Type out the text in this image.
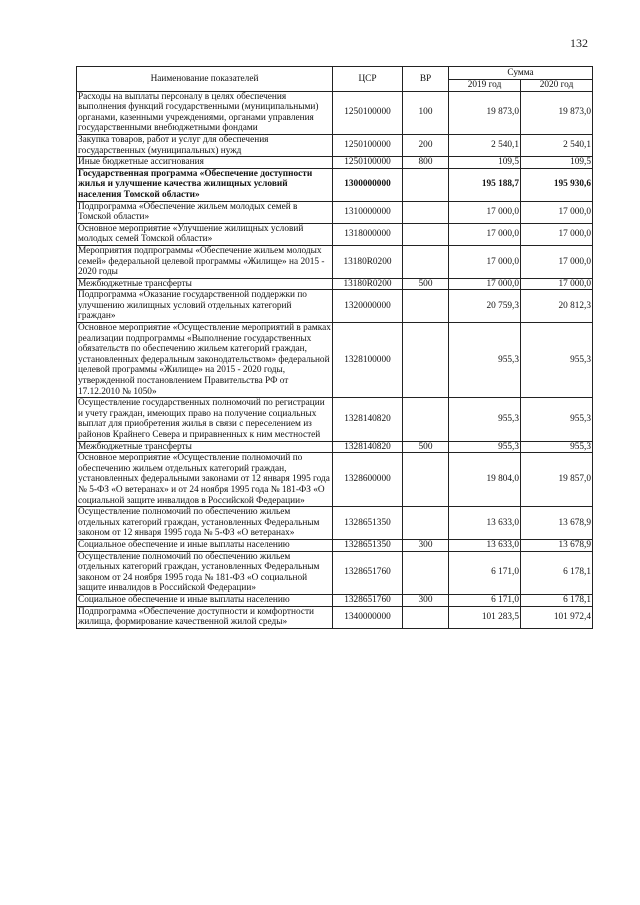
132
Наименование показателей	ЦСР	ВР	Сумма	
			2019 год	2020 год
Расходы на выплаты персоналу в целях обеспечения выполнения функций государственными (муниципальными) органами, казенными учреждениями, органами управления государственными внебюджетными фондами	1250100000	100	19 873,0	19 873,0
Закупка товаров, работ и услуг для обеспечения государственных (муниципальных) нужд	1250100000	200	2 540,1	2 540,1
Иные бюджетные ассигнования	1250100000	800	109,5	109,5
Государственная программа «Обеспечение доступности жилья и улучшение качества жилищных условий населения Томской области»	1300000000		195 188,7	195 930,6
Подпрограмма «Обеспечение жильем молодых семей в Томской области»	1310000000		17 000,0	17 000,0
Основное мероприятие «Улучшение жилищных условий молодых семей Томской области»	1318000000		17 000,0	17 000,0
Мероприятия подпрограммы «Обеспечение жильем молодых семей» федеральной целевой программы «Жилище» на 2015 - 2020 годы	13180R0200		17 000,0	17 000,0
Межбюджетные трансферты	13180R0200	500	17 000,0	17 000,0
Подпрограмма «Оказание государственной поддержки по улучшению жилищных условий отдельных категорий граждан»	1320000000		20 759,3	20 812,3
Основное мероприятие «Осуществление мероприятий в рамках реализации подпрограммы «Выполнение государственных обязательств по обеспечению жильем категорий граждан, установленных федеральным законодательством» федеральной целевой программы «Жилище» на 2015 - 2020 годы, утвержденной постановлением Правительства РФ от 17.12.2010 № 1050»	1328100000		955,3	955,3
Осуществление государственных полномочий по регистрации и учету граждан, имеющих право на получение социальных выплат для приобретения жилья в связи с переселением из районов Крайнего Севера и приравненных к ним местностей	1328140820		955,3	955,3
Межбюджетные трансферты	1328140820	500	955,3	955,3
Основное мероприятие «Осуществление полномочий по обеспечению жильем отдельных категорий граждан, установленных федеральными законами от 12 января 1995 года № 5-ФЗ «О ветеранах» и от 24 ноября 1995 года № 181-ФЗ «О социальной защите инвалидов в Российской Федерации»	1328600000		19 804,0	19 857,0
Осуществление полномочий по обеспечению жильем отдельных категорий граждан, установленных Федеральным законом от 12 января 1995 года № 5-ФЗ «О ветеранах»	1328651350		13 633,0	13 678,9
Социальное обеспечение и иные выплаты населению	1328651350	300	13 633,0	13 678,9
Осуществление полномочий по обеспечению жильем отдельных категорий граждан, установленных Федеральным законом от 24 ноября 1995 года № 181-ФЗ «О социальной защите инвалидов в Российской Федерации»	1328651760		6 171,0	6 178,1
Социальное обеспечение и иные выплаты населению	1328651760	300	6 171,0	6 178,1
Подпрограмма «Обеспечение доступности и комфортности жилища, формирование качественной жилой среды»	1340000000		101 283,5	101 972,4
